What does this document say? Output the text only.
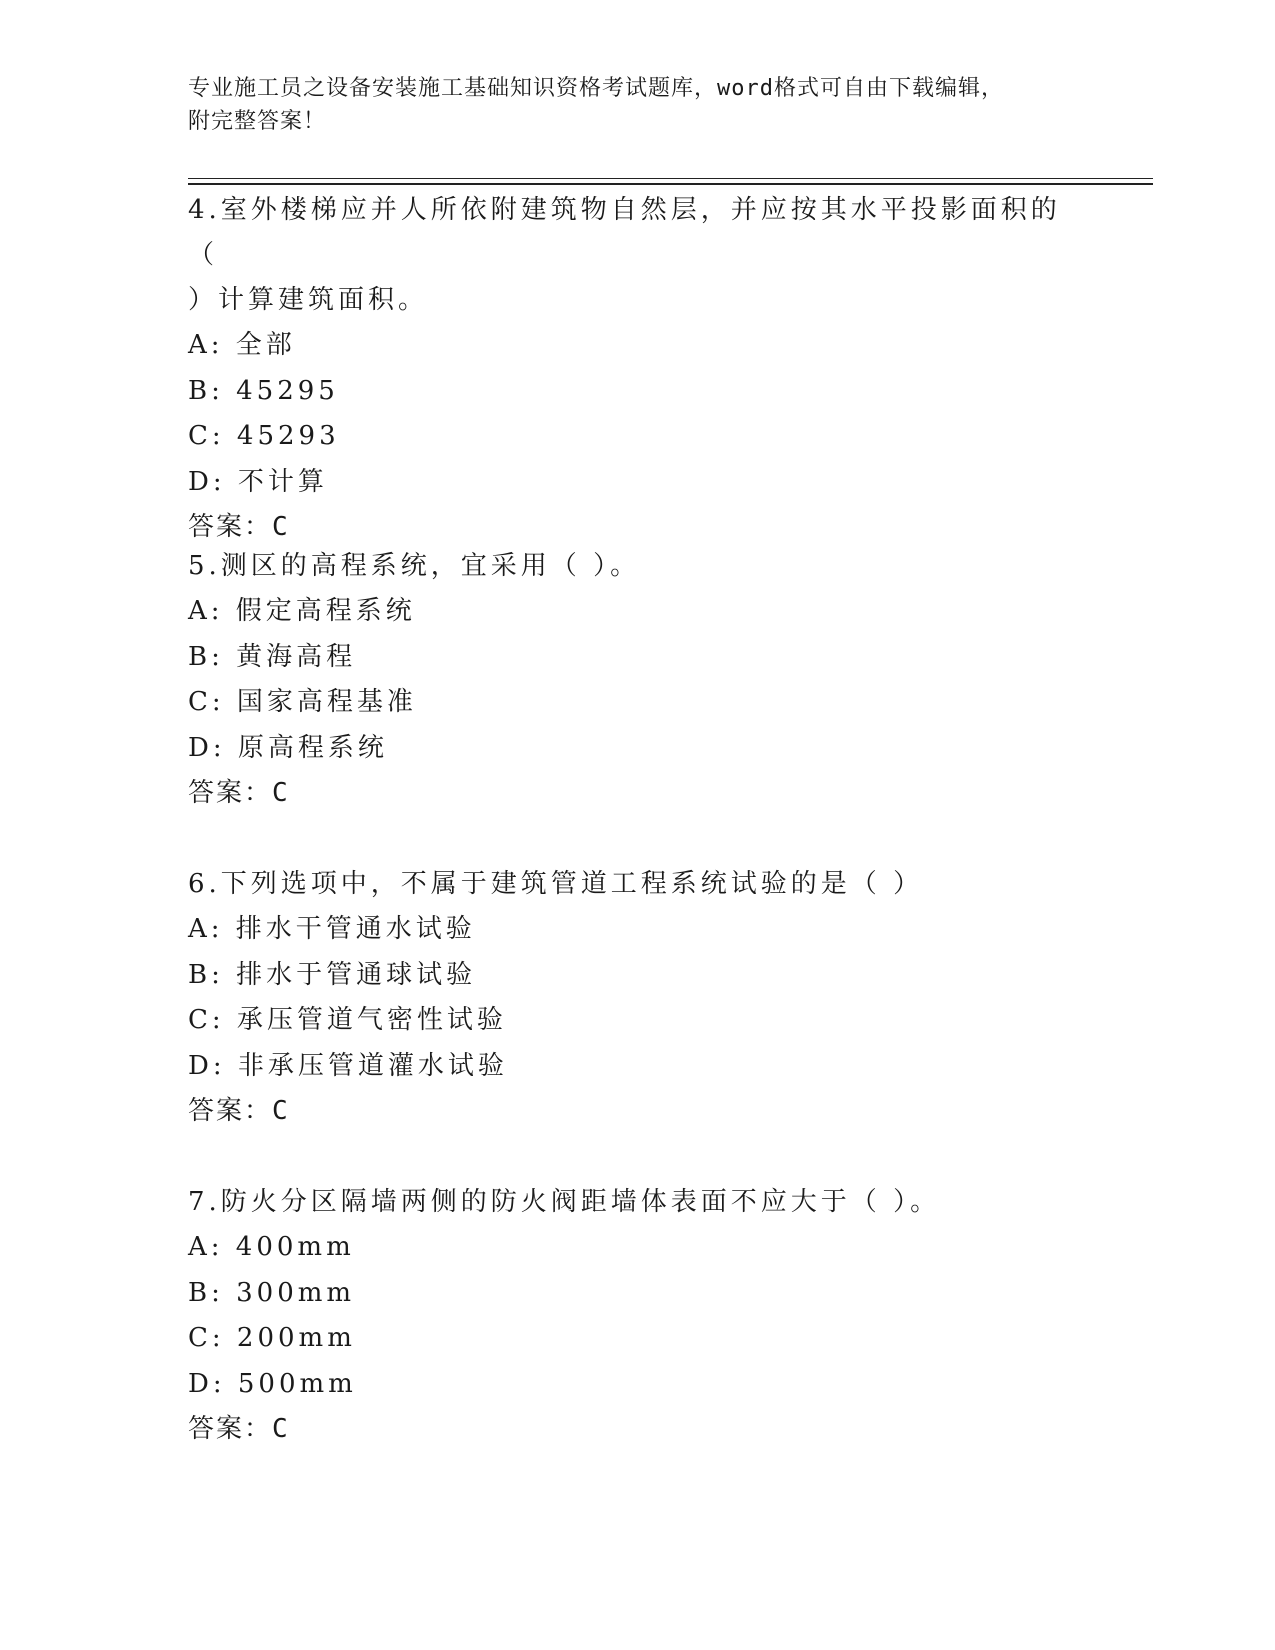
专业施工员之设备安装施工基础知识资格考试题库，word格式可自由下载编辑，
附完整答案！

4.室外楼梯应并人所依附建筑物自然层，并应按其水平投影面积的（

）计算建筑面积。

A: 全部

B: 45295

C: 45293

D: 不计算

答案：C

5.测区的高程系统，宜采用（ ）。

A: 假定高程系统

B: 黄海高程

C: 国家高程基准

D: 原高程系统

答案：C

6.下列选项中，不属于建筑管道工程系统试验的是（ ）

A: 排水干管通水试验

B: 排水于管通球试验

C: 承压管道气密性试验

D: 非承压管道灌水试验

答案：C

7.防火分区隔墙两侧的防火阀距墙体表面不应大于（ ）。

A: 400mm

B: 300mm

C: 200mm

D: 500mm

答案：C
